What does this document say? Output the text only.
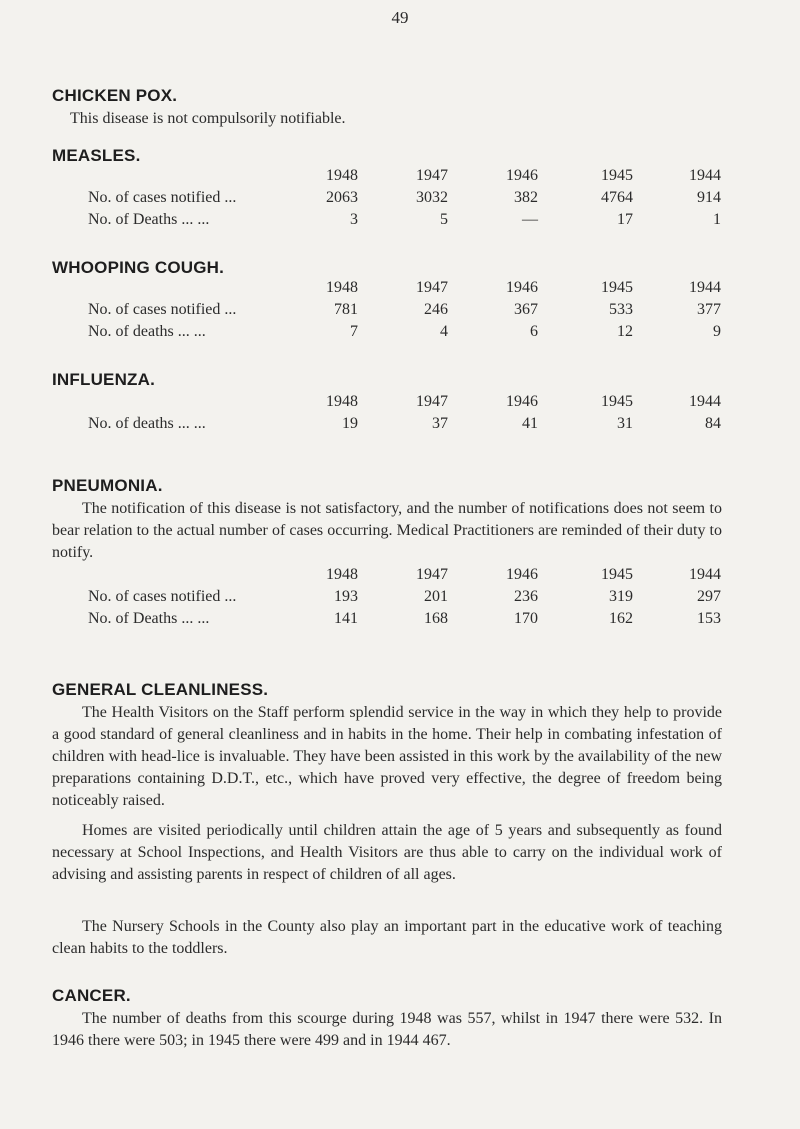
49
CHICKEN POX.
This disease is not compulsorily notifiable.
MEASLES.
	1948	1947	1946	1945	1944
No. of cases notified ...	2063	3032	382	4764	914
No. of Deaths ... ...	3	5	—	17	1
WHOOPING COUGH.
	1948	1947	1946	1945	1944
No. of cases notified ...	781	246	367	533	377
No. of deaths ... ...	7	4	6	12	9
INFLUENZA.
	1948	1947	1946	1945	1944
No. of deaths ... ...	19	37	41	31	84
PNEUMONIA.
The notification of this disease is not satisfactory, and the number of notifications does not seem to bear relation to the actual number of cases occurring. Medical Practitioners are reminded of their duty to notify.
	1948	1947	1946	1945	1944
No. of cases notified ...	193	201	236	319	297
No. of Deaths ... ...	141	168	170	162	153
GENERAL CLEANLINESS.
The Health Visitors on the Staff perform splendid service in the way in which they help to provide a good standard of general cleanliness and in habits in the home. Their help in combating infestation of children with head-lice is invaluable. They have been assisted in this work by the availability of the new preparations containing D.D.T., etc., which have proved very effective, the degree of freedom being noticeably raised.
Homes are visited periodically until children attain the age of 5 years and subsequently as found necessary at School Inspections, and Health Visitors are thus able to carry on the individual work of advising and assisting parents in respect of children of all ages.
The Nursery Schools in the County also play an important part in the educative work of teaching clean habits to the toddlers.
CANCER.
The number of deaths from this scourge during 1948 was 557, whilst in 1947 there were 532. In 1946 there were 503; in 1945 there were 499 and in 1944 467.
